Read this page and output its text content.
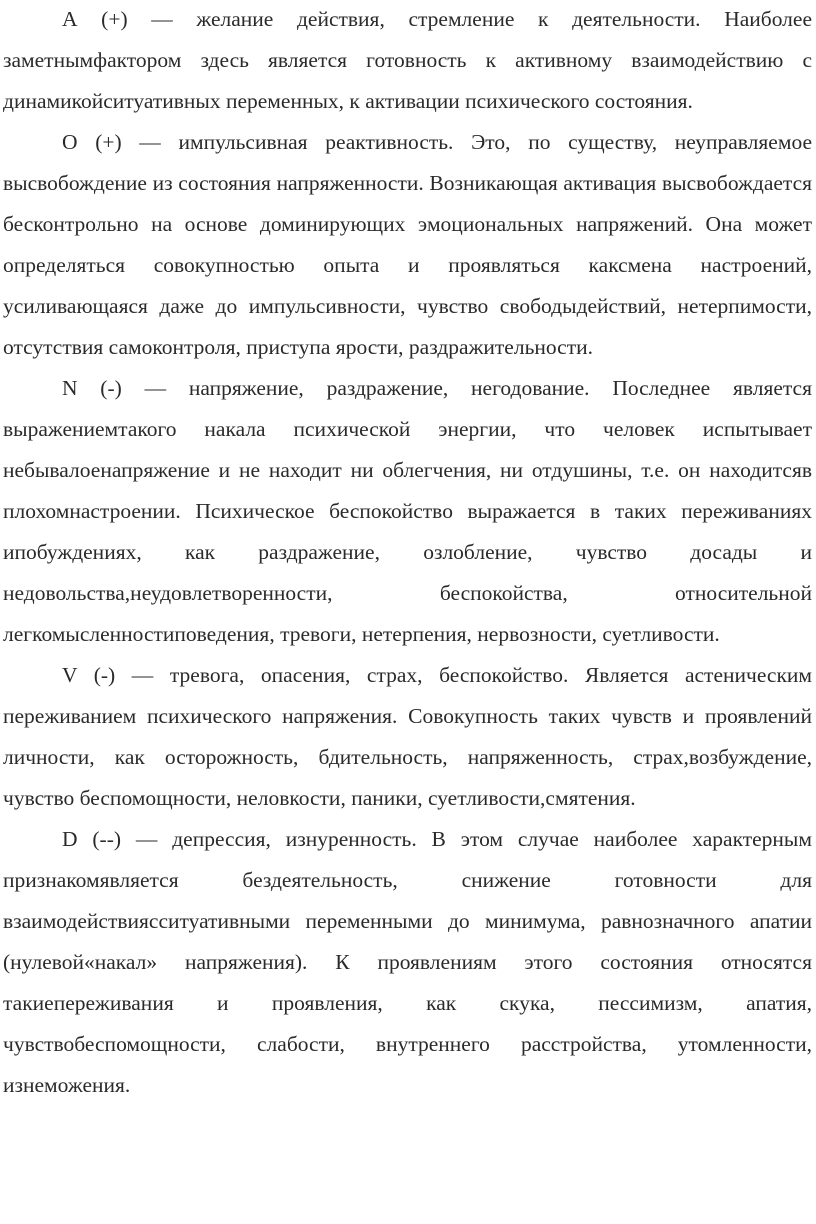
А (+) — желание действия, стремление к деятельности. Наиболее заметнымфактором здесь является готовность к активному взаимодействию с динамикойситуативных переменных, к активации психического состояния.

О (+) — импульсивная реактивность. Это, по существу, неуправляемое высвобождение из состояния напряженности. Возникающая активация высвобождается бесконтрольно на основе доминирующих эмоциональных напряжений. Она может определяться совокупностью опыта и проявляться каксмена настроений, усиливающаяся даже до импульсивности, чувство свободыдействий, нетерпимости, отсутствия самоконтроля, приступа ярости, раздражительности.

N (-) — напряжение, раздражение, негодование. Последнее является выражениемтакого накала психической энергии, что человек испытывает небывалоенапряжение и не находит ни облегчения, ни отдушины, т.е. он находитсяв плохомнастроении. Психическое беспокойство выражается в таких переживаниях ипобуждениях, как раздражение, озлобление, чувство досады и недовольства,неудовлетворенности, беспокойства, относительной легкомысленностиповедения, тревоги, нетерпения, нервозности, суетливости.

V (-) — тревога, опасения, страх, беспокойство. Является астеническим переживанием психического напряжения. Совокупность таких чувств и проявлений личности, как осторожность, бдительность, напряженность, страх,возбуждение, чувство беспомощности, неловкости, паники, суетливости,смятения.

D (--) — депрессия, изнуренность. В этом случае наиболее характерным признакомявляется бездеятельность, снижение готовности для взаимодействиясситуативными переменными до минимума, равнозначного апатии (нулевой«накал» напряжения). К проявлениям этого состояния относятся такиепереживания и проявления, как скука, пессимизм, апатия, чувствобеспомощности, слабости, внутреннего расстройства, утомленности, изнеможения.
